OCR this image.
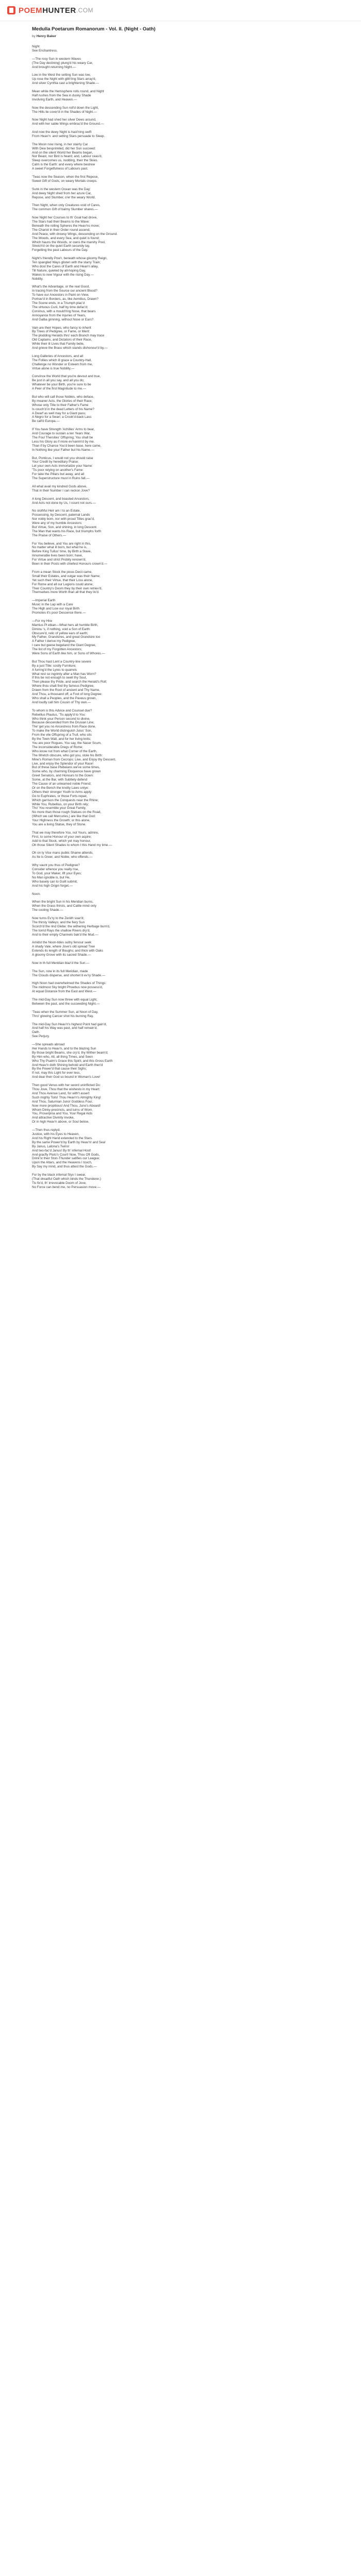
POEM HUNTER .COM
Medulla Poetarum Romanorum - Vol. II. (Night - Oath)
by Henry Baker
Night
See Enchantress.

—The rosy Sun in western Waves
(The Day declining) plung'd his weary Car,
And brought returning Night.—

Low in the West the setting Sun was low,
Up rose the Night with glitt'ring Stars array'd,
And silver Cynthia cast a brightening Shade.—

Mean while the Hemisphere rolls round, and Night
Half rushes from the Sea in dusky Shade
Involving Earth, and Heaven.—

Now the descending Sun roll'd down the Light,
The Hills lie cover'd in the Shades of Night.—

Now Night had shed her silver Dews around,
And with her sable Wings embrac'd the Ground.—

And now the dewy Night is hast'ning swift
From Heav'n: and setting Stars persuade to Sleep.

The Moon now rising, in her starrly Car
With Dew besprinkled, did her Sun succeed:
And on the silent World her Beams began,
Nor Beast, nor Bird is heard; and, Labour ceas'd,
Sleep overcomes us, nodding, their the Skies.
Calm is the Earth: and every where bestrew
A sweet Forgetfulness of Labours past.

'Twas now the Season, when the first Repose,
Sweet Gift of Gods, on weary Mortals creeps.

Sunk in the western Ocean was the Day:
And dewy Night shed from her azure Car,
Repose, and Slumber, o'er the weary World.

Then Night, when only Creatures void of Cares,
The common Gift of balmy Slumber shares.—

Now Night her Courses to th' Goal had drove,
The Stars had their Beams to the Wave:
Beneath the rolling Spheres the Heav'ns move;
The Chariot in their Order round ascend,
And Peace, with drowsy Wings, descending on the Ground.
The Woods, and every Sea, and quiet is found;
Which hauns the Woods, or owns the marshy Pool,
Stretch'd on the quiet Earth securely lay,
Forgetting the past Labours of the Day.

Night's friendly Pow'r, beneath whose gloomy Reign,
Ten spangled Ways glisten with the starry Train;
Who dost the Cares of Earth and Heav'n allay,
Till Nature, quieted by all-hoping Day,
Wakes to new Vigour with the rising Day.—
Nobility.

What's the Advantage, or the real Good,
In tracing from the Source our ancient Blood?
To have our Ancestors in Paint on View,
Portrav'd in Borders, as, like Aemilius, Drawn?
The Scene ends, in a Triumph plac'd
The virtuous Curii, half by time defac'd;
Corvinus, with a mould'ring Nose, that bears
Annoyance from the Injuries of Years,
And Galba grinning, without Nose or Ears?

Vain are their Hopes, who fancy to inherit
By Trees of Pedigree, or Fame, or Merit:
The plodding Heralds thro' each Branch may trace
Old Captains, and Dictators of their Race,
While their ill Lives that Family belie,
And grieve the Brass which stands dishonour'd by.—

Long Galleries of Ancestors, and all
The Follies which ill grace a Country-Hall,
Challenge no Wonder or Esteem from me,
Virtue alone is true Nobility.—

Convince the World that you're devout and true,
Be just in all you say, and all you do;
Whatever be your Birth, you're sure to be
A Peer of the first Magnitude to me.—

But who will call those Nobles, who deface,
By meaner Acts, the Glories of their Race;
Whose only Title to their Father's Fame
Is couch'd in the dead Letters of his Name?
A Dwarf as well may for a Giant pass;
A Negro for a Swan; a Crook'd-back Lass
Be call'd Europa.—

If You have Strength 'Achilles' Arms to bear,
And Courage to sustain a ten Years War,
The Foul Thersites' Offspring; You shall be
Less his Glory as if more ev'nanim'd by me.
Than if by Chance You'd been base, here came,
In Nothing like your Father but his Name.—

But, Ponticus, I would not you should raise
Your Credit by hereditary Praise;
Let your own Acts immortalize your Name:
'Tis poor relying on another's Fame:
For take the Pillars but away, and all
The Superstructure must in Ruins fall.—

All what avail my kindred Gods above,
That in their Number I can reckon Jove?

A long Descent, and boasted Ancestors,
And Acts not done by Us, I count not ours.—

No slothful Heir am I to an Estate,
Possessing, by Descent, paternal Lands
Nor nobly born, nor with proud Titles grac'd,
Were any of my humble Ancestors:
But Virtue, Son, and shining, in long Descent.
The Man that wants his Race, but triumphs forth
The Praise of Others.—

For You believe, and You are right in this,
No matter what ill born, but what he is,
Before King Tullus' time, by Birth a Slave,
Innumerable lives been born; have,
For Virtue and strict Probity renown'd,
Been in their Posts with chiefest Honours crown'd.—

From a mean Stock the pious Decii came,
Small their Estates, and vulgar was their Name;
Yet such their Virtue, that their Loss alone,
For Rome and all our Legions could atone;
Their Country's Doom they by their own retriev'd,
Themselves more Worth than all that they liv'd.

—Imperial Earth
Music in the Lap with a Care
The High and Low our royal Birth
Promotes it's poor Descence there.—

—For my Hire
Mamius Pl ebian—What hers all humble Birth,
Diminu 's, if nothing, void a Son of Earth:
Obscure'd, relic of yellow ears of earth;
My Father, Grandsires, and great Grandsire too
A Father I derive my Pedigree,
I care but geese begeland the Giant Degree,
The list of my Forgotten Ancestors;
Were Sons of Earth like him, or Sons of Whores.—

But Thou hast Lent a Country-line severe
By a just Title: costly Furniture;
A furring'd the Lyres to quarrels
What rest so ingrimly after a Man has Worn?
If this be not enough to swell thy Soul,
Then please thy Pride, and search the Herald's Roll;
Where thou shalt find thy famous Pedigree,
Drawn from the Root of ancient and Thy Name,
And Thou, a thousand off, a Fool of long Degree:
Who shall a Peoples, and the Paveus grown,
And loudly call him Cousin of Thy own.—

To whom is this Advice and Counsel due?
Rebellius Plautus, 'Tis apply'd to You:
Who think your Person second to divine,
Because descended from the Drusian Line;
The' get you no Ancestress from Race done,
To make the World distinguish Julus' Son,
From the vile Offspring of a Trull, who sits
By the Town Wall, and for her living knits;
You are poor Rogues, You say, the Naser Scum,
The inconsiderable Dregs of Rome;
Who know not from what Corner of the Earth,
The Wretch obscure, who got you, stole his Birth:
Mine's Roman from Cecrops: Live, and Enjoy thy Descent,
Live, and enjoy the Splendor of your Race!
But of these base Plebeians we've some times,
Some who, by charming Eloquence have grown
Greet Senators, and Honours to the Gown:
Some, at the Bar, with Subtlety defend
The Cause of an unlearned noble Friend;
Or on the Bench the knotty Laws untye:
Others their stronger Youth to Arms apply:
Go to Euphrates, or those Forts repair,
Which garrison the Conquests near the Rhine;
While You, Rubellius, on your Birth rely;
Tho' You resemble your Great Family,
No more than those rough Statues on the Road,
(Which we call Mercuries,) are like that God:
Your Highness the Growth; or this alone,
You are a living Statue, they of Stone.

That we may therefore You, not Yours, admire,
First, to some Honour of your own aspire;
Add to that Stock, which yet may honour,
Oh those Silent Shades to whom I this Hand my time.—

Oh on ty Vice mans public Shame attends,
As Ite is Greer, and Noble, who offends.—

Why vaunt you thus of Pedigree?
Consider whence you really rise,
To God, your Maker, lift your Eyes;
No Man ignoble is, but He,
Who basely can to Guilt submit,
And his high Origin forget.—

Noon.

When the bright Sun in his Meridian burns,
When the Grass thirsts, and Cattle mind only
The cooling Shade.—

Now turns Ev'ry to the Zenith soar'd;
The thirsty Valleys; and the fiery Sun
Scorch'd the rind Glebe: the withering Herbage burn'd,
The torrid Rays the shallow Rivers dry'd,
And to their empty Channels bak'd the Mud.—

Amidst the Noon-tides sultry fervour seek
A shady Vale, where Jove's old spread Tree
Extends its length of Boughs; and thick with Oaks
A gloomy Grove with its sacred Shade.—

Now in th full Meridian blaz'd the Sun.—

The Sun, now in its full Meridian, made
The Clouds disperse, and shorten'd ev'ry Shade.—

High Noon had overwhelmed the Shades of Things:
The midmost Sky bright Phoebus now possess'd,
At equal Distance from the East and West.—

The mid-Day Sun now threw with equal Light,
Between the past, and the succeeding Night.—

'Twas when the Summer Sun, at Noon of Day,
Thro' glowing Cancer shot his burning Ray.

The mid-Day Sun Heav'n's highest Point had gain'd,
And half his Way was past, and half remain'd.
Oath.
See Perjury.

—She spreads abroad
Her Hands to Heav'n, and to the blazing Sun
By those bright Beams, she cry'd, thy Wither beam'd;
By Him who, All, all thing Times, and Seen
Who Thy Psalm's Grace this Spirit, and this Gross Earth
And Heav'n doth Shining behold and Earth then'd
By the Power'd that cause their Sighs;
If not, may this Light for ever less,
And dear their God so bound in Woman's Love!

Then good Venus with her sword uninflicted Do:
Thou Jove, Thou that the wishesto in my Heart;
And Thou Avenue Land, for with't assert
Such mighty Toils! Thou Heav'n's Almighty King!
And Thou, Saturnian Juno! Goddess Four,
Now more propitious! And Thou, Juno's Aboard!
Whom Dinky-precincts, and turns of Worn.
You, Proserpina and You, Your Regal Aids
And attractive Divinity invoke,
Or in high Heav'n above, or Soul below.

—Then thus replyd.
Justice, with his Eyes to Heaven,
And his Right Hand extended to the Stars.
By the same Power'd by Earth by Heav'n! and Sea!
By Janus, Latona's Twins!
And two-fac'd Janus! By th' infernal Host!
And gracfly Pluto's Court! Now, Thou Oft Gods,
Drink'st their Ston-Thunder satifies our League;
Upon the Altars, and the Heavens I touch,
By Say my mind, and thus attest the Gods.—

For by the black infernal Styx I swear,
(That dreadful Oath which binds the Thunderer,)
Tis fix'd, th' irrevocable Doom of Jove,
No Force can bend me, no Persuasion move.—
